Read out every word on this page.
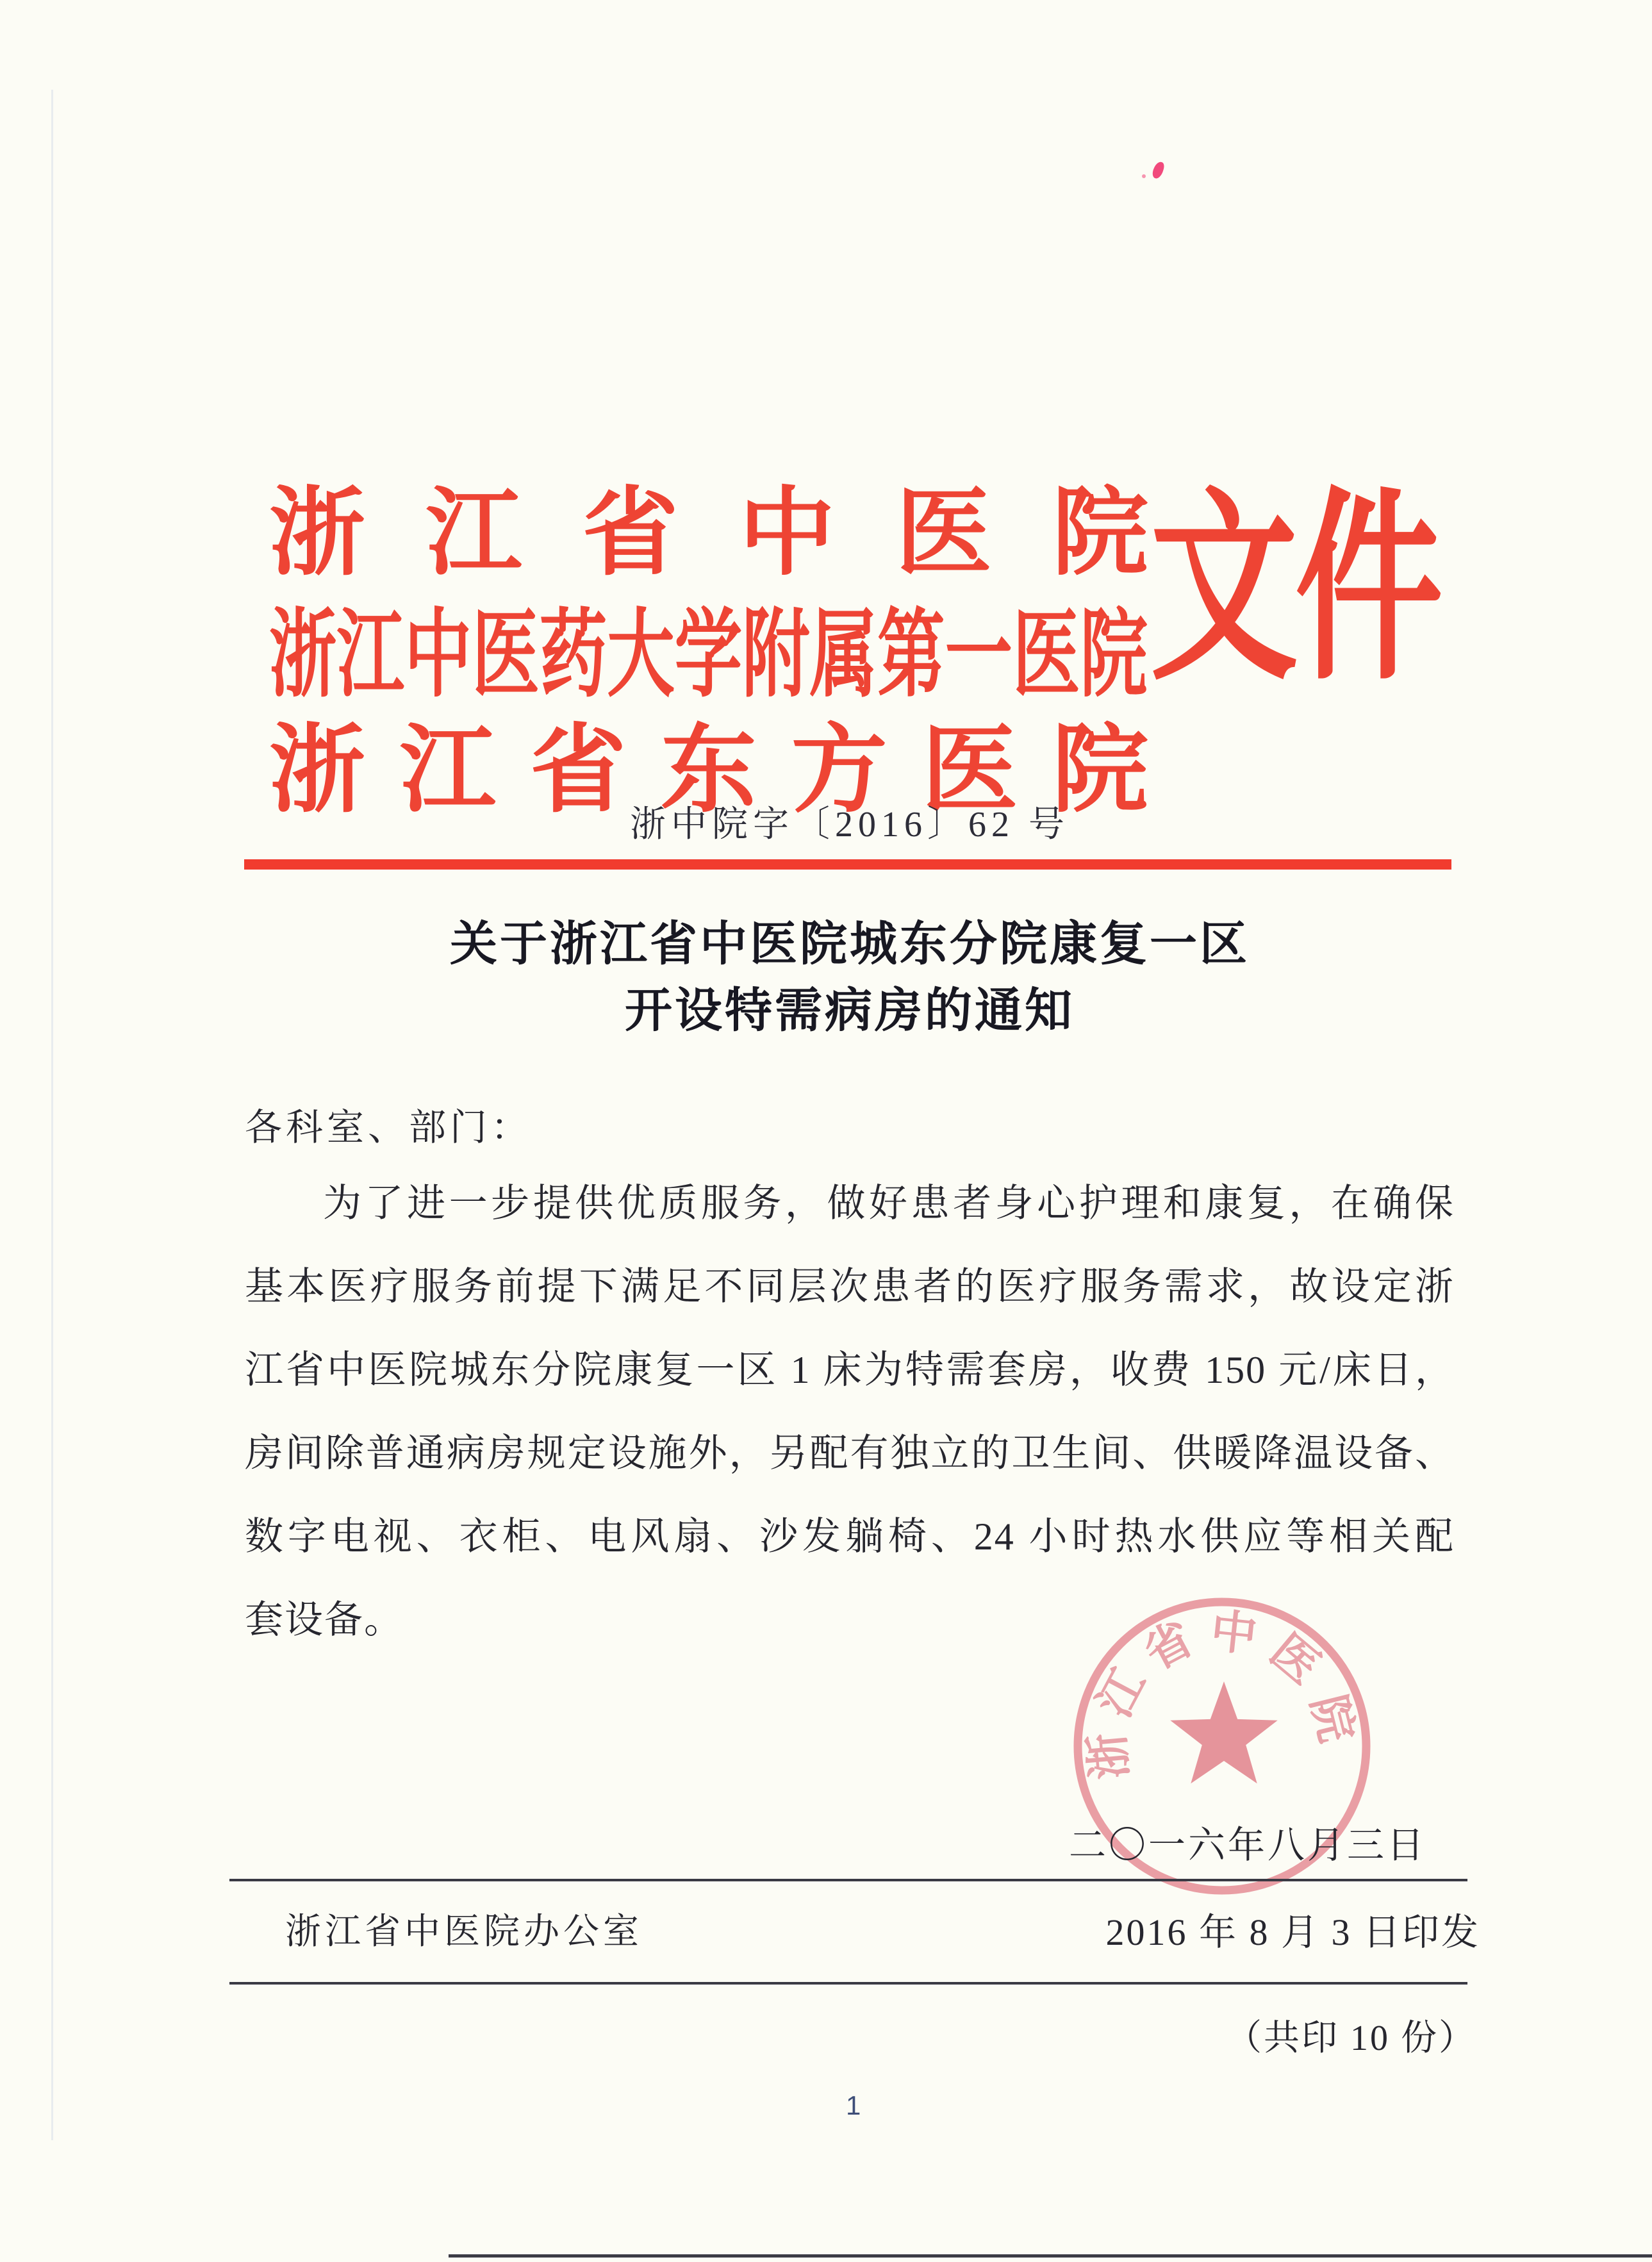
浙 江 省 中 医 院
浙江中医药大学附属第一医院
浙 江 省 东 方 医 院
文件
浙中院字〔2016〕62 号
关于浙江省中医院城东分院康复一区
开设特需病房的通知
各科室、部门：
为了进一步提供优质服务，做好患者身心护理和康复，在确保
基本医疗服务前提下满足不同层次患者的医疗服务需求，故设定浙
江省中医院城东分院康复一区 1 床为特需套房，收费 150 元/床日，
房间除普通病房规定设施外，另配有独立的卫生间、供暖降温设备、
数字电视、衣柜、电风扇、沙发躺椅、24 小时热水供应等相关配
套设备。
浙
江
省 中 医
院
二〇一六年八月三日
浙江省中医院办公室	2016 年 8 月 3 日印发
（共印 10 份）
1
